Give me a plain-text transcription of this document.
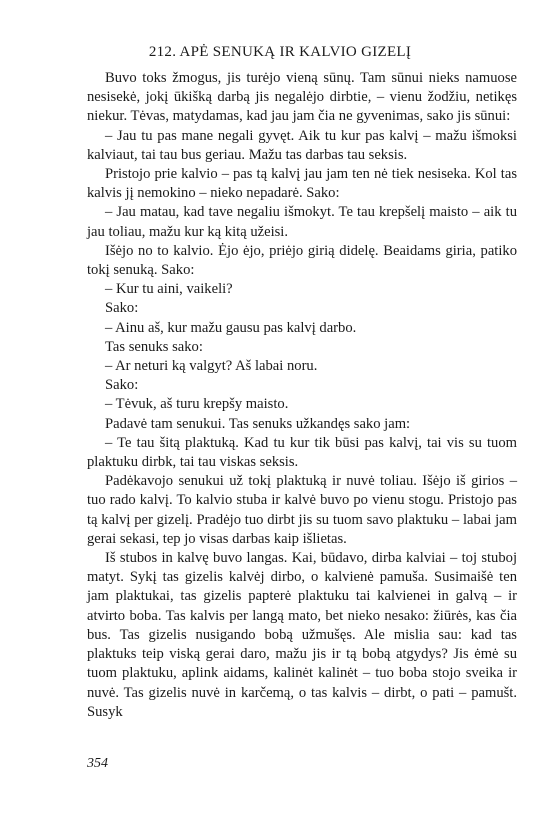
212. APĖ SENUKĄ IR KALVIO GIZELĮ

Buvo toks žmogus, jis turėjo vieną sūnų. Tam sūnui nieks namuose nesisekė, jokį ūkišką darbą jis negalėjo dirbtie, – vienu žodžiu, netikęs niekur. Tėvas, matydamas, kad jau jam čia ne gyvenimas, sako jis sūnui:

– Jau tu pas mane negali gyvęt. Aik tu kur pas kalvį – mažu išmoksi kalviaut, tai tau bus geriau. Mažu tas darbas tau seksis.

Pristojo prie kalvio – pas tą kalvį jau jam ten nė tiek nesiseka. Kol tas kalvis jį nemokino – nieko nepadarė. Sako:

– Jau matau, kad tave negaliu išmokyt. Te tau krepšelį maisto – aik tu jau toliau, mažu kur ką kitą užeisi.

Išėjo no to kalvio. Ėjo ėjo, priėjo girią didelę. Beaidams giria, patiko tokį senuką. Sako:

– Kur tu aini, vaikeli?

Sako:

– Ainu aš, kur mažu gausu pas kalvį darbo.

Tas senuks sako:

– Ar neturi ką valgyt? Aš labai noru.

Sako:

– Tėvuk, aš turu krepšy maisto.

Padavė tam senukui. Tas senuks užkandęs sako jam:

– Te tau šitą plaktuką. Kad tu kur tik būsi pas kalvį, tai vis su tuom plaktuku dirbk, tai tau viskas seksis.

Padėkavojo senukui už tokį plaktuką ir nuvė toliau. Išėjo iš girios – tuo rado kalvį. To kalvio stuba ir kalvė buvo po vienu stogu. Pristojo pas tą kalvį per gizelį. Pradėjo tuo dirbt jis su tuom savo plaktuku – labai jam gerai sekasi, tep jo visas darbas kaip išlietas.

Iš stubos in kalvę buvo langas. Kai, būdavo, dirba kalviai – toj stuboj matyt. Sykį tas gizelis kalvėj dirbo, o kalvienė pamuša. Susimaišė ten jam plaktukai, tas gizelis papterė plaktuku tai kalvienei in galvą – ir atvirto boba. Tas kalvis per langą mato, bet nieko nesako: žiūrės, kas čia bus. Tas gizelis nusigando bobą užmušęs. Ale mislia sau: kad tas plaktuks teip viską gerai daro, mažu jis ir tą bobą atgydys? Jis ėmė su tuom plaktuku, aplink aidams, kalinėt kalinėt – tuo boba stojo sveika ir nuvė. Tas gizelis nuvė in karčemą, o tas kalvis – dirbt, o pati – pamušt. Susyk

354
